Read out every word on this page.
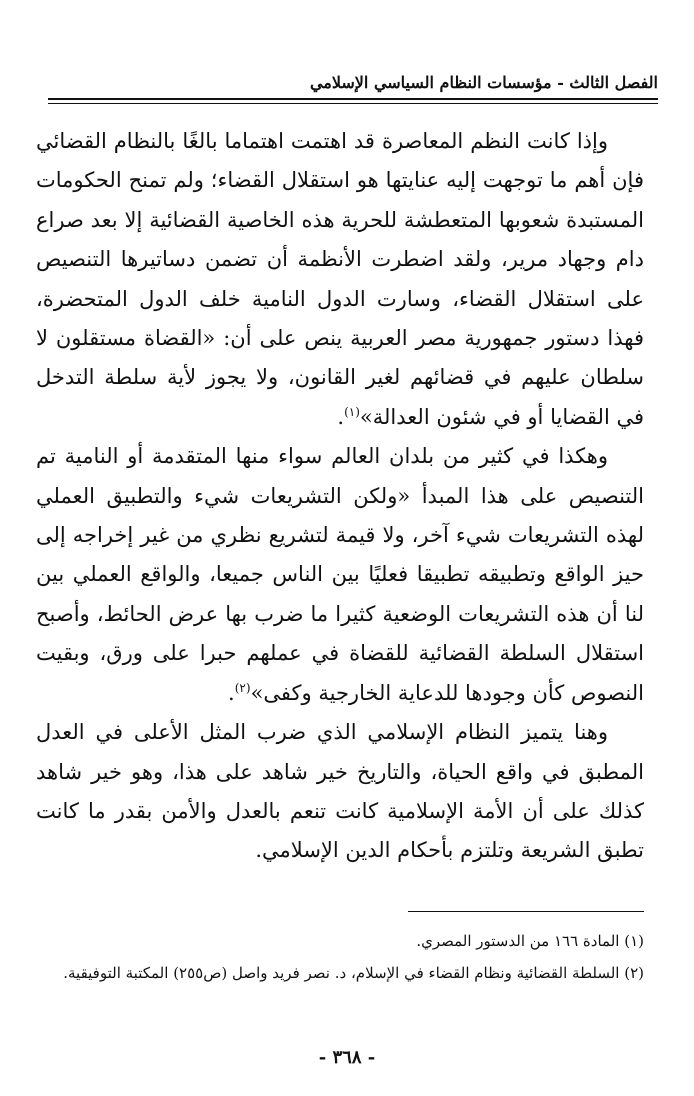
الفصل الثالث - مؤسسات النظام السياسي الإسلامي

وإذا كانت النظم المعاصرة قد اهتمت اهتماما بالغًا بالنظام القضائي فإن أهم ما توجهت إليه عنايتها هو استقلال القضاء؛ ولم تمنح الحكومات المستبدة شعوبها المتعطشة للحرية هذه الخاصية القضائية إلا بعد صراع دام وجهاد مرير، ولقد اضطرت الأنظمة أن تضمن دساتيرها التنصيص على استقلال القضاء، وسارت الدول النامية خلف الدول المتحضرة، فهذا دستور جمهورية مصر العربية ينص على أن: «القضاة مستقلون لا سلطان عليهم في قضائهم لغير القانون، ولا يجوز لأية سلطة التدخل في القضايا أو في شئون العدالة»$^{(١)}$.

وهكذا في كثير من بلدان العالم سواء منها المتقدمة أو النامية تم التنصيص على هذا المبدأ «ولكن التشريعات شيء والتطبيق العملي لهذه التشريعات شيء آخر، ولا قيمة لتشريع نظري من غير إخراجه إلى حيز الواقع وتطبيقه تطبيقا فعليًا بين الناس جميعا، والواقع العملي بين لنا أن هذه التشريعات الوضعية كثيرا ما ضرب بها عرض الحائط، وأصبح استقلال السلطة القضائية للقضاة في عملهم حبرا على ورق، وبقيت النصوص كأن وجودها للدعاية الخارجية وكفى»$^{(٢)}$.

وهنا يتميز النظام الإسلامي الذي ضرب المثل الأعلى في العدل المطبق في واقع الحياة، والتاريخ خير شاهد على هذا، وهو خير شاهد كذلك على أن الأمة الإسلامية كانت تنعم بالعدل والأمن بقدر ما كانت تطبق الشريعة وتلتزم بأحكام الدين الإسلامي.

(١) المادة ١٦٦ من الدستور المصري.

(٢) السلطة القضائية ونظام القضاء في الإسلام، د. نصر فريد واصل (ص٢٥٥) المكتبة التوفيقية.

- ٣٦٨ -
